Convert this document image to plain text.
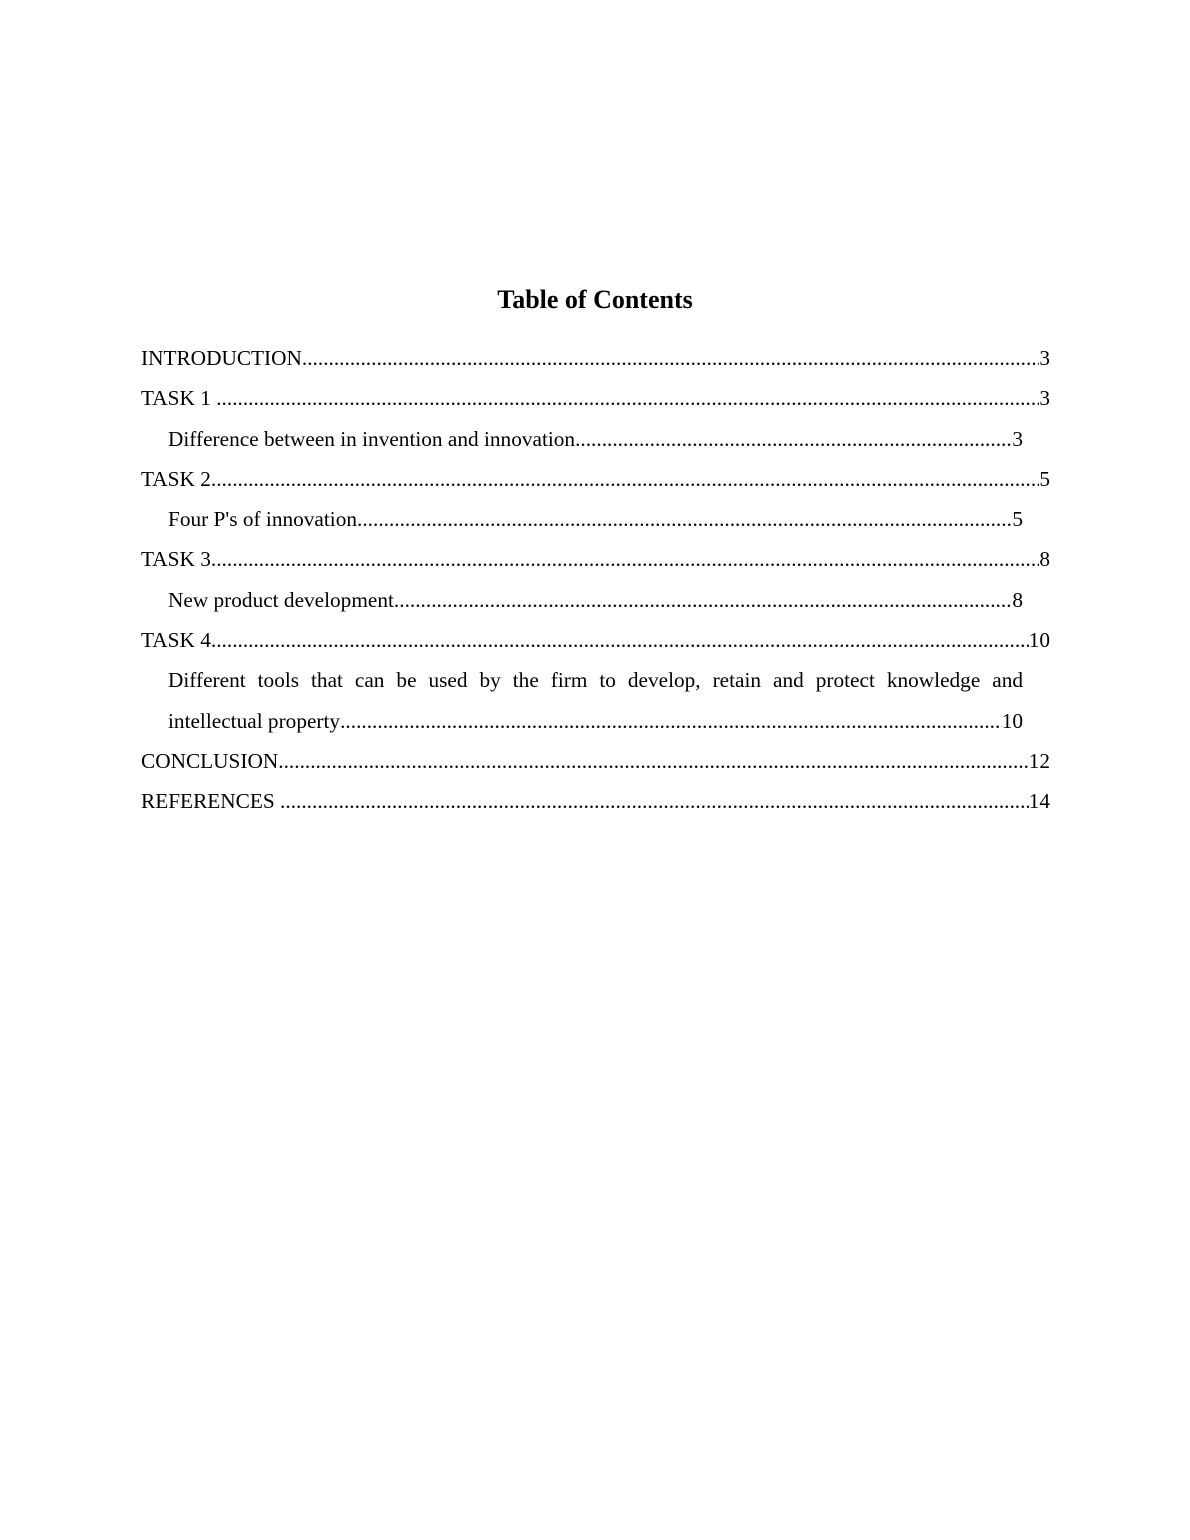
Table of Contents
INTRODUCTION .....	3
TASK 1 .....	3
Difference between in invention and innovation .....	3
TASK 2 .....	5
Four P's of innovation .....	5
TASK 3 .....	8
New product development .....	8
TASK 4 .....	10
Different tools that can be used by the firm to develop, retain and protect knowledge and
intellectual property .....	10
CONCLUSION .....	12
REFERENCES .....	14
